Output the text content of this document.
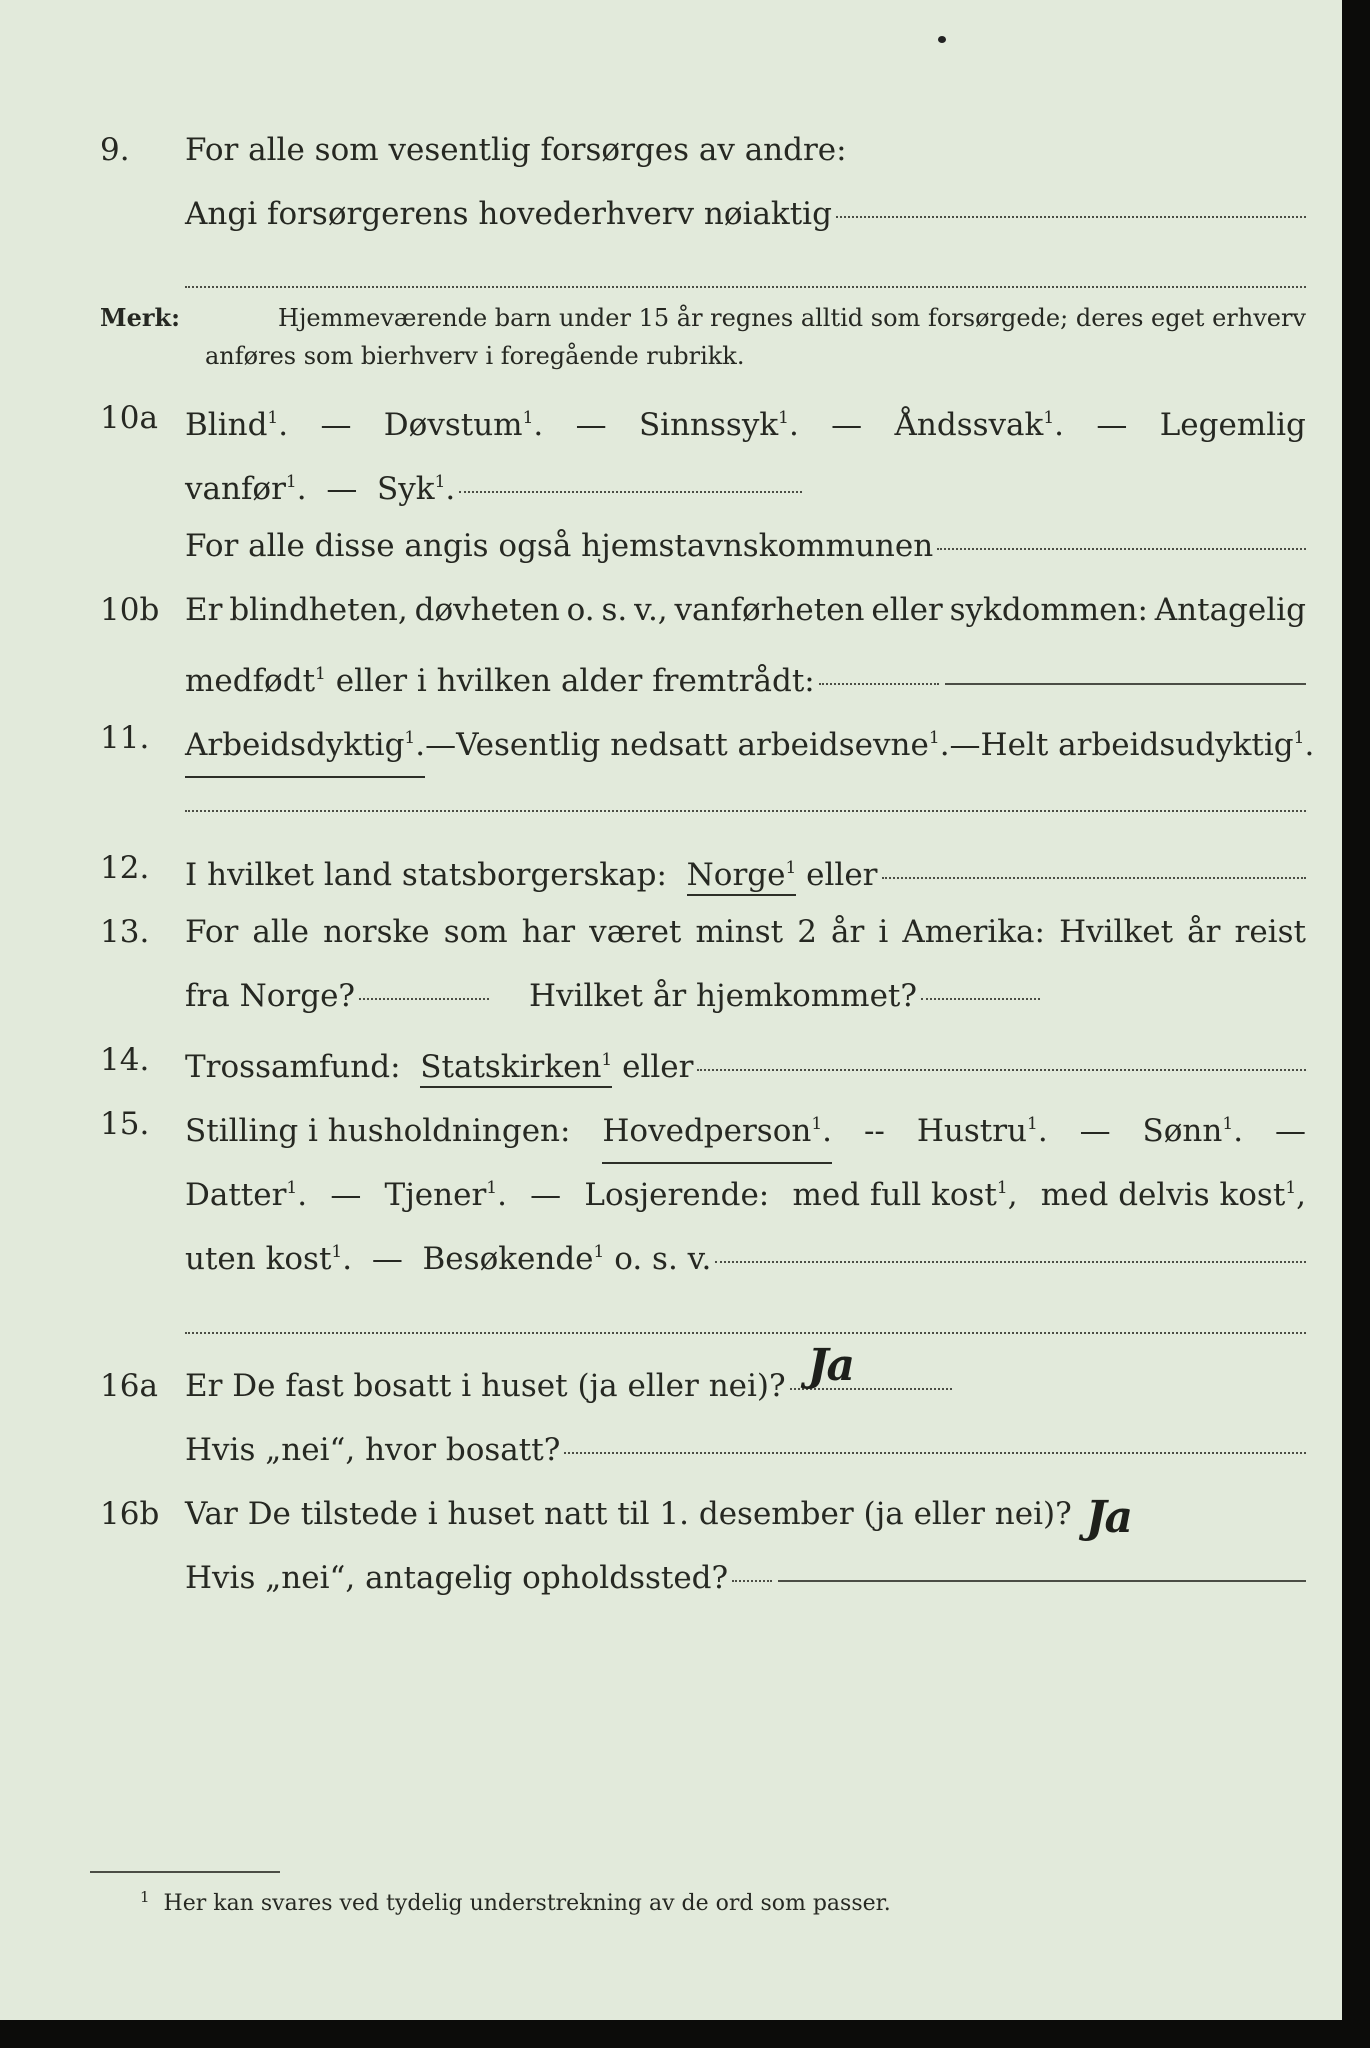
9. For alle som vesentlig forsørges av andre:
Angi forsørgerens hovederhverv nøiaktig
Merk:	Hjemmeværende barn under 15 år regnes alltid som forsørgede; deres eget erhverv
anføres som bierhverv i foregående rubrikk.
10a Blind$^1$. — Døvstum$^1$. — Sinnssyk$^1$. — Åndssvak$^1$. — Legemlig
vanfør$^1$.  — Syk$^1$.
For alle disse angis også hjemstavnskommunen
10b Er blindheten, døvheten o. s. v., vanførheten eller sykdommen: Antagelig
medfødt$^1$ eller i hvilken alder fremtrådt:
11. Arbeidsdyktig$^1$. — Vesentlig nedsatt arbeidsevne$^1$. — Helt arbeidsudyktig$^1$.
12. I hvilket land statsborgerskap: Norge$^1$ eller
13. For alle norske som har været minst 2 år i Amerika: Hvilket år reist
fra Norge?	Hvilket år hjemkommet?
14. Trossamfund: Statskirken$^1$ eller
15. Stilling i husholdningen: Hovedperson$^1$. -- Hustru$^1$. — Sønn$^1$. —
Datter$^1$. — Tjener$^1$. — Losjerende: med full kost$^1$, med delvis kost$^1$,
uten kost$^1$. — Besøkende$^1$ o. s. v.
16a Er De fast bosatt i huset (ja eller nei)? Ja
Hvis „nei“, hvor bosatt?
16b Var De tilstede i huset natt til 1. desember (ja eller nei)? Ja
Hvis „nei“, antagelig opholdssted?
$^1$ Her kan svares ved tydelig understrekning av de ord som passer.
